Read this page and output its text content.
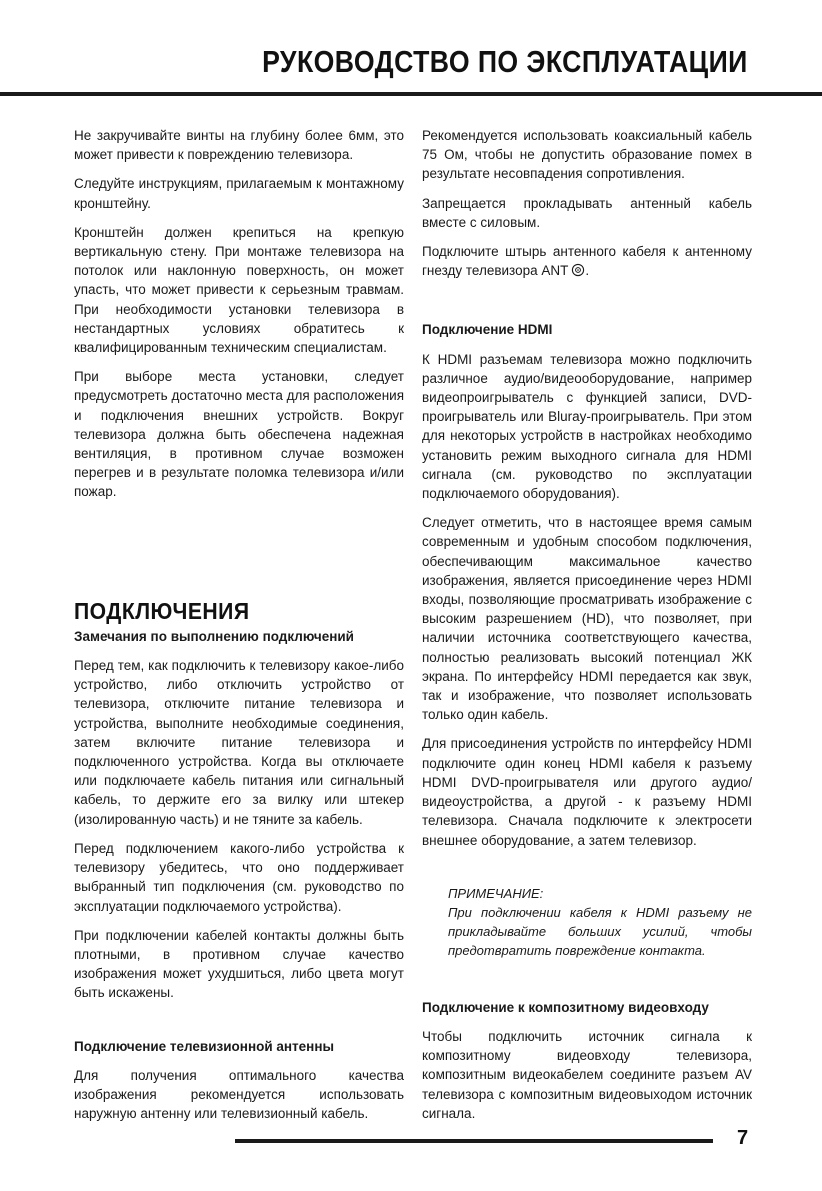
РУКОВОДСТВО ПО ЭКСПЛУАТАЦИИ

Не закручивайте винты на глубину более 6мм, это может привести к повреждению телевизора.

Следуйте инструкциям, прилагаемым к монтажному кронштейну.

Кронштейн должен крепиться на крепкую вертикальную стену. При монтаже телевизора на потолок или наклонную поверхность, он может упасть, что может привести к серьезным травмам. При необходимости установки телевизора в нестандартных условиях обратитесь к квалифицированным техническим специалистам.

При выборе места установки, следует предусмотреть достаточно места для расположения и подключения внешних устройств. Вокруг телевизора должна быть обеспечена надежная вентиляция, в противном случае возможен перегрев и в результате поломка телевизора и/или пожар.

ПОДКЛЮЧЕНИЯ
Замечания по выполнению подключений

Перед тем, как подключить к телевизору какое-либо устройство, либо отключить устройство от телевизора, отключите питание телевизора и устройства, выполните необходимые соединения, затем включите питание телевизора и подключенного устройства. Когда вы отключаете или подключаете кабель питания или сигнальный кабель, то держите его за вилку или штекер (изолированную часть) и не тяните за кабель.

Перед подключением какого-либо устройства к телевизору убедитесь, что оно поддерживает выбранный тип подключения (см. руководство по эксплуатации подключаемого устройства).

При подключении кабелей контакты должны быть плотными, в противном случае качество изображения может ухудшиться, либо цвета могут быть искажены.

Подключение телевизионной антенны

Для получения оптимального качества изображения рекомендуется использовать наружную антенну или телевизионный кабель.

Рекомендуется использовать коаксиальный кабель 75 Ом, чтобы не допустить образование помех в результате несовпадения сопротивления.

Запрещается прокладывать антенный кабель вместе с силовым.

Подключите штырь антенного кабеля к антенному гнезду телевизора ANT .

Подключение HDMI

К HDMI разъемам телевизора можно подключить различное аудио/видеооборудование, например видеопроигрыватель с функцией записи, DVD-проигрыватель или Bluray-проигрыватель. При этом для некоторых устройств в настройках необходимо установить режим выходного сигнала для HDMI сигнала (см. руководство по эксплуатации подключаемого оборудования).

Следует отметить, что в настоящее время самым современным и удобным способом подключения, обеспечивающим максимальное качество изображения, является присоединение через HDMI входы, позволяющие просматривать изображение с высоким разрешением (HD), что позволяет, при наличии источника соответствующего качества, полностью реализовать высокий потенциал ЖК экрана. По интерфейсу HDMI передается как звук, так и изображение, что позволяет использовать только один кабель.

Для присоединения устройств по интерфейсу HDMI подключите один конец HDMI кабеля к разъему HDMI DVD-проигрывателя или другого аудио/видеоустройства, а другой - к разъему HDMI телевизора. Сначала подключите к электросети внешнее оборудование, а затем телевизор.

ПРИМЕЧАНИЕ:
При подключении кабеля к HDMI разъему не прикладывайте больших усилий, чтобы предотвратить повреждение контакта.
Подключение к композитному видеовходу

Чтобы подключить источник сигнала к композитному видеовходу телевизора, композитным видеокабелем соедините разъем AV телевизора с композитным видеовыходом источник сигнала.

7
